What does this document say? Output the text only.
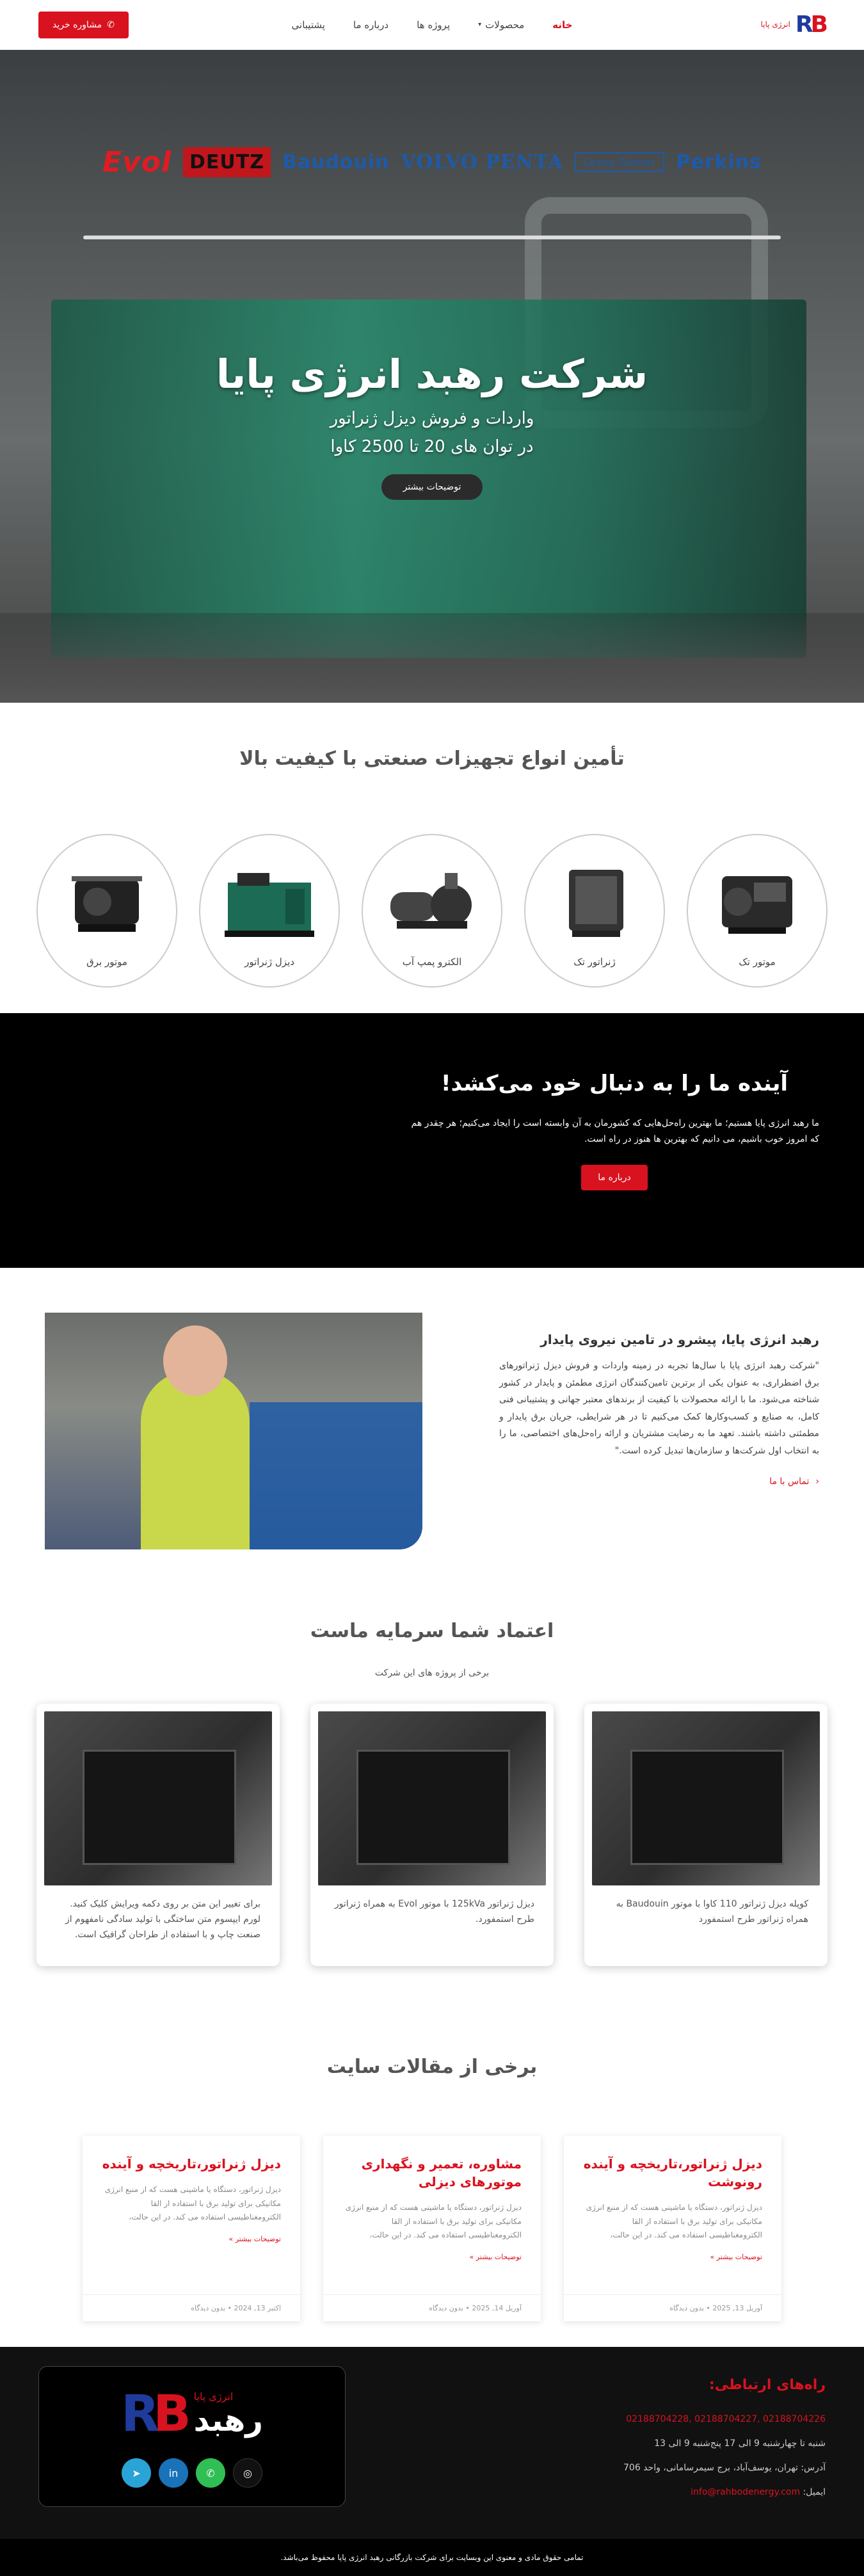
RB
انرژی پایا
خانه
محصولات
▾
پروژه ها
درباره ما
پشتیبانی
✆
مشاوره خرید
Evol DEUTZ Baudouin VOLVO PENTA	Leroy-Somer	Perkins
شرکت رهبد انرژی پایا
واردات و فروش دیزل ژنراتور
در توان های 20 تا 2500 کاوا
توضیحات بیشتر
تأمین انواع تجهیزات صنعتی با کیفیت بالا
موتور تک
ژنراتور تک
الکترو پمپ آب
دیزل ژنراتور
موتور برق
آینده ما را به دنبال خود می‌کشد!

ما رهبد انرژی پایا هستیم؛ ما بهترین راه‌حل‌هایی که کشورمان به آن وابسته است را ایجاد می‌کنیم؛ هر چقدر هم که امروز خوب باشیم، می دانیم که بهترین ها هنوز در راه است.

درباره ما
رهبد انرژی پایا، پیشرو در تامین نیروی پایدار

"شرکت رهبد انرژی پایا با سال‌ها تجربه در زمینه واردات و فروش دیزل ژنراتورهای برق اضطراری، به عنوان یکی از برترین تامین‌کنندگان انرژی مطمئن و پایدار در کشور شناخته می‌شود. ما با ارائه محصولات با کیفیت از برندهای معتبر جهانی و پشتیبانی فنی کامل، به صنایع و کسب‌وکارها کمک می‌کنیم تا در هر شرایطی، جریان برق پایدار و مطمئنی داشته باشند. تعهد ما به رضایت مشتریان و ارائه راه‌حل‌های اختصاصی، ما را به انتخاب اول شرکت‌ها و سازمان‌ها تبدیل کرده است."

‹
تماس با ما
اعتماد شما سرمایه ماست
برخی از پروژه های این شرکت

کوپله دیزل ژنراتور 110 کاوا با موتور Baudouin به همراه ژنراتور طرح استمفورد

دیزل ژنراتور 125kVa با موتور Evol به همراه ژنراتور طرح استمفورد.

برای تغییر این متن بر روی دکمه ویرایش کلیک کنید. لورم ایپسوم متن ساختگی با تولید سادگی نامفهوم از صنعت چاپ و با استفاده از طراحان گرافیک است.

برخی از مقالات سایت
دیزل ژنراتور،تاریخچه و آینده رونوشت

دیزل ژنراتور، دستگاه یا ماشینی هست که از منبع انرژی مکانیکی برای تولید برق با استفاده از القا الکترومغناطیسی استفاده می کند. در این حالت،

توضیحات بیشتر »
آوریل 13, 2025 • بدون دیدگاه
مشاوره، تعمیر و نگهداری موتورهای دیزلی

دیزل ژنراتور، دستگاه یا ماشینی هست که از منبع انرژی مکانیکی برای تولید برق با استفاده از القا الکترومغناطیسی استفاده می کند. در این حالت،

توضیحات بیشتر »
آوریل 14, 2025 • بدون دیدگاه
دیزل ژنراتور،تاریخچه و آینده

دیزل ژنراتور، دستگاه یا ماشینی هست که از منبع انرژی مکانیکی برای تولید برق با استفاده از القا الکترومغناطیسی استفاده می کند. در این حالت،

توضیحات بیشتر »
اکتبر 13, 2024 • بدون دیدگاه
راه‌های ارتباطی:
02188704226 ,02188704227 ,02188704228
شنبه تا چهارشنبه 9 الی 17 پنج‌شنبه 9 الی 13
آدرس: تهران، یوسف‌آباد، برج سیمرسامانی، واحد 706
ایمیل: info@rahbodenergy.com
RB انرژی پایا
رهبد
➤	in	✆	◎
تمامی حقوق مادی و معنوی این وبسایت برای شرکت بازرگانی رهبد انرژی پایا محفوظ می‌باشد.
